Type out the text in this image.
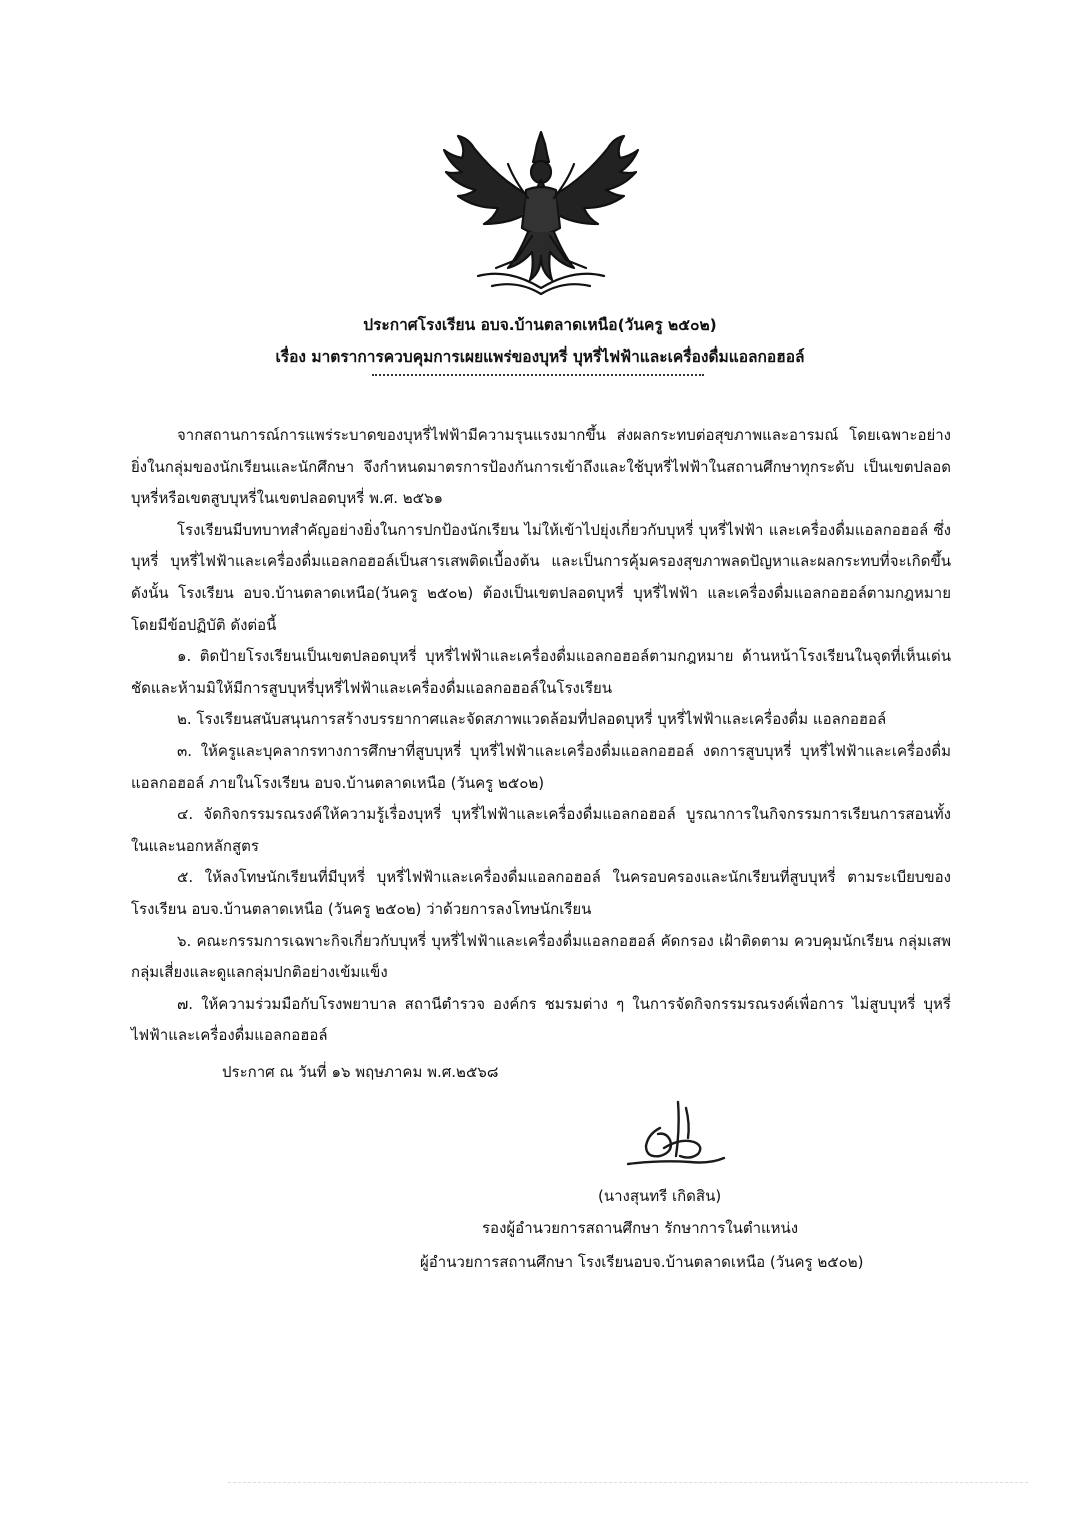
ประกาศโรงเรียน อบจ.บ้านตลาดเหนือ(วันครู ๒๕๐๒)
เรื่อง มาตราการควบคุมการเผยแพร่ของบุหรี่ บุหรี่ไฟฟ้าและเครื่องดื่มแอลกอฮอล์

จากสถานการณ์การแพร่ระบาดของบุหรี่ไฟฟ้ามีความรุนแรงมากขึ้น ส่งผลกระทบต่อสุขภาพและอารมณ์ โดยเฉพาะอย่างยิ่งในกลุ่มของนักเรียนและนักศึกษา จึงกำหนดมาตรการป้องกันการเข้าถึงและใช้บุหรี่ไฟฟ้าในสถานศึกษาทุกระดับ เป็นเขตปลอดบุหรี่หรือเขตสูบบุหรี่ในเขตปลอดบุหรี่ พ.ศ. ๒๕๖๑

โรงเรียนมีบทบาทสำคัญอย่างยิ่งในการปกป้องนักเรียน ไม่ให้เข้าไปยุ่งเกี่ยวกับบุหรี่ บุหรี่ไฟฟ้า และเครื่องดื่มแอลกอฮอล์ ซึ่งบุหรี่ บุหรี่ไฟฟ้าและเครื่องดื่มแอลกอฮอล์เป็นสารเสพติดเบื้องต้น และเป็นการคุ้มครองสุขภาพลดปัญหาและผลกระทบที่จะเกิดขึ้น ดังนั้น โรงเรียน อบจ.บ้านตลาดเหนือ(วันครู ๒๕๐๒) ต้องเป็นเขตปลอดบุหรี่ บุหรี่ไฟฟ้า และเครื่องดื่มแอลกอฮอล์ตามกฎหมาย โดยมีข้อปฏิบัติ ดังต่อนี้

๑. ติดป้ายโรงเรียนเป็นเขตปลอดบุหรี่ บุหรี่ไฟฟ้าและเครื่องดื่มแอลกอฮอล์ตามกฎหมาย ด้านหน้าโรงเรียนในจุดที่เห็นเด่นชัดและห้ามมิให้มีการสูบบุหรี่บุหรี่ไฟฟ้าและเครื่องดื่มแอลกอฮอล์ในโรงเรียน

๒. โรงเรียนสนับสนุนการสร้างบรรยากาศและจัดสภาพแวดล้อมที่ปลอดบุหรี่ บุหรี่ไฟฟ้าและเครื่องดื่ม แอลกอฮอล์

๓. ให้ครูและบุคลากรทางการศึกษาที่สูบบุหรี่ บุหรี่ไฟฟ้าและเครื่องดื่มแอลกอฮอล์ งดการสูบบุหรี่ บุหรี่ไฟฟ้าและเครื่องดื่มแอลกอฮอล์ ภายในโรงเรียน อบจ.บ้านตลาดเหนือ (วันครู ๒๕๐๒)

๔. จัดกิจกรรมรณรงค์ให้ความรู้เรื่องบุหรี่ บุหรี่ไฟฟ้าและเครื่องดื่มแอลกอฮอล์ บูรณาการในกิจกรรมการเรียนการสอนทั้งในและนอกหลักสูตร

๕. ให้ลงโทษนักเรียนที่มีบุหรี่ บุหรี่ไฟฟ้าและเครื่องดื่มแอลกอฮอล์ ในครอบครองและนักเรียนที่สูบบุหรี่ ตามระเบียบของโรงเรียน อบจ.บ้านตลาดเหนือ (วันครู ๒๕๐๒) ว่าด้วยการลงโทษนักเรียน

๖. คณะกรรมการเฉพาะกิจเกี่ยวกับบุหรี่ บุหรี่ไฟฟ้าและเครื่องดื่มแอลกอฮอล์ คัดกรอง เฝ้าติดตาม ควบคุมนักเรียน กลุ่มเสพ กลุ่มเสี่ยงและดูแลกลุ่มปกติอย่างเข้มแข็ง

๗. ให้ความร่วมมือกับโรงพยาบาล สถานีตำรวจ องค์กร ชมรมต่าง ๆ ในการจัดกิจกรรมรณรงค์เพื่อการ ไม่สูบบุหรี่ บุหรี่ไฟฟ้าและเครื่องดื่มแอลกอฮอล์

ประกาศ ณ วันที่ ๑๖ พฤษภาคม พ.ศ.๒๕๖๘
(นางสุนทรี เกิดสิน)
รองผู้อำนวยการสถานศึกษา รักษาการในตำแหน่ง
ผู้อำนวยการสถานศึกษา โรงเรียนอบจ.บ้านตลาดเหนือ (วันครู ๒๕๐๒)
